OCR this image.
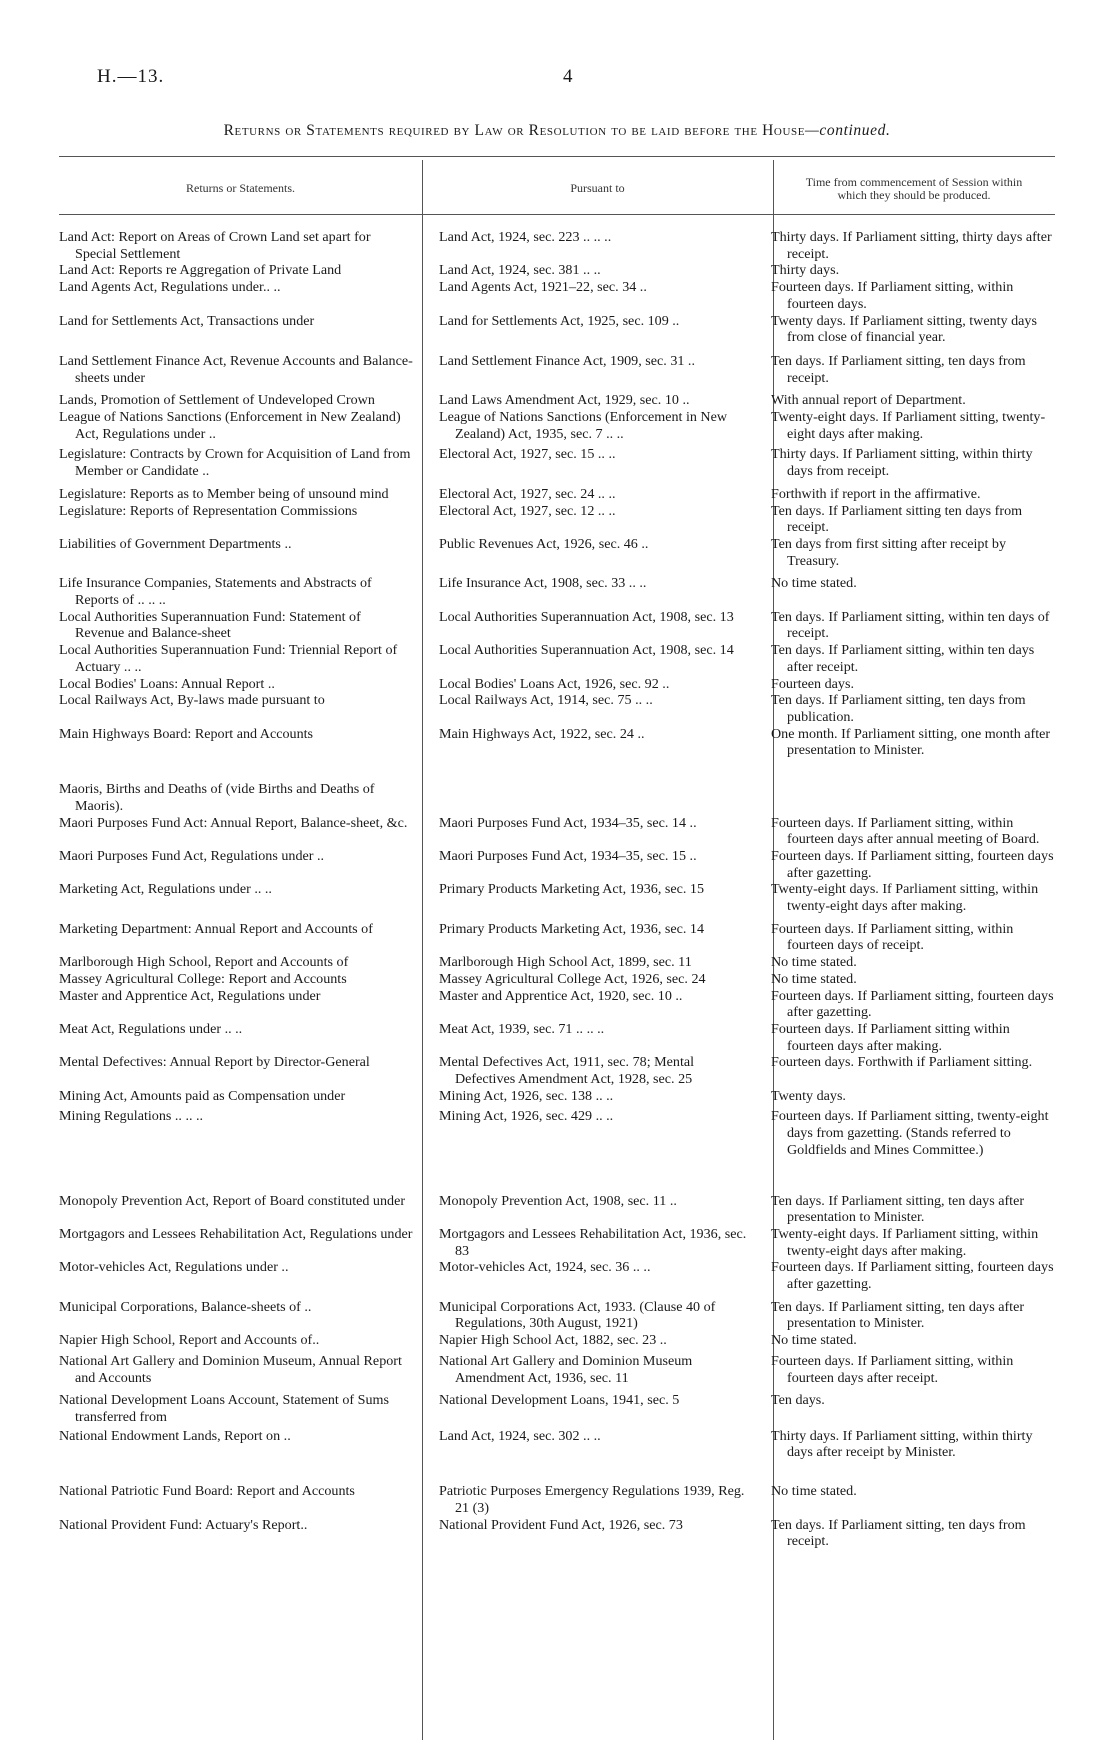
H.—13.	4
Returns or Statements required by Law or Resolution to be laid before the House—continued.
Returns or Statements.	Pursuant to	Time from commencement of Session within
which they should be produced.
Land Act: Report on Areas of Crown Land set apart for Special Settlement	Land Act, 1924, sec. 223 .. .. ..	Thirty days. If Parliament sitting, thirty days after receipt.

Land Act: Reports re Aggregation of Private Land	Land Act, 1924, sec. 381 .. ..	Thirty days.

Land Agents Act, Regulations under.. ..	Land Agents Act, 1921–22, sec. 34 ..	Fourteen days. If Parliament sitting, within fourteen days.

Land for Settlements Act, Transactions under	Land for Settlements Act, 1925, sec. 109 ..	Twenty days. If Parliament sitting, twenty days from close of financial year.

Land Settlement Finance Act, Revenue Accounts and Balance-sheets under	Land Settlement Finance Act, 1909, sec. 31 ..	Ten days. If Parliament sitting, ten days from receipt.

Lands, Promotion of Settlement of Undeveloped Crown	Land Laws Amendment Act, 1929, sec. 10 ..	With annual report of Department.

League of Nations Sanctions (Enforcement in New Zealand) Act, Regulations under ..	League of Nations Sanctions (Enforcement in New Zealand) Act, 1935, sec. 7 .. ..	Twenty-eight days. If Parliament sitting, twenty-eight days after making.

Legislature: Contracts by Crown for Acquisition of Land from Member or Candidate ..	Electoral Act, 1927, sec. 15 .. ..	Thirty days. If Parliament sitting, within thirty days from receipt.

Legislature: Reports as to Member being of unsound mind	Electoral Act, 1927, sec. 24 .. ..	Forthwith if report in the affirmative.

Legislature: Reports of Representation Commissions	Electoral Act, 1927, sec. 12 .. ..	Ten days. If Parliament sitting ten days from receipt.

Liabilities of Government Departments ..	Public Revenues Act, 1926, sec. 46 ..	Ten days from first sitting after receipt by Treasury.

Life Insurance Companies, Statements and Abstracts of Reports of .. .. ..	Life Insurance Act, 1908, sec. 33 .. ..	No time stated.

Local Authorities Superannuation Fund: Statement of Revenue and Balance-sheet	Local Authorities Superannuation Act, 1908, sec. 13	Ten days. If Parliament sitting, within ten days of receipt.

Local Authorities Superannuation Fund: Triennial Report of Actuary .. ..	Local Authorities Superannuation Act, 1908, sec. 14	Ten days. If Parliament sitting, within ten days after receipt.

Local Bodies' Loans: Annual Report ..	Local Bodies' Loans Act, 1926, sec. 92 ..	Fourteen days.

Local Railways Act, By-laws made pursuant to	Local Railways Act, 1914, sec. 75 .. ..	Ten days. If Parliament sitting, ten days from publication.

Main Highways Board: Report and Accounts	Main Highways Act, 1922, sec. 24 ..	One month. If Parliament sitting, one month after presentation to Minister.

Maoris, Births and Deaths of (vide Births and Deaths of Maoris).		

Maori Purposes Fund Act: Annual Report, Balance-sheet, &c.	Maori Purposes Fund Act, 1934–35, sec. 14 ..	Fourteen days. If Parliament sitting, within fourteen days after annual meeting of Board.

Maori Purposes Fund Act, Regulations under ..	Maori Purposes Fund Act, 1934–35, sec. 15 ..	Fourteen days. If Parliament sitting, fourteen days after gazetting.

Marketing Act, Regulations under .. ..	Primary Products Marketing Act, 1936, sec. 15	Twenty-eight days. If Parliament sitting, within twenty-eight days after making.

Marketing Department: Annual Report and Accounts of	Primary Products Marketing Act, 1936, sec. 14	Fourteen days. If Parliament sitting, within fourteen days of receipt.

Marlborough High School, Report and Accounts of	Marlborough High School Act, 1899, sec. 11	No time stated.

Massey Agricultural College: Report and Accounts	Massey Agricultural College Act, 1926, sec. 24	No time stated.

Master and Apprentice Act, Regulations under	Master and Apprentice Act, 1920, sec. 10 ..	Fourteen days. If Parliament sitting, fourteen days after gazetting.

Meat Act, Regulations under .. ..	Meat Act, 1939, sec. 71 .. .. ..	Fourteen days. If Parliament sitting within fourteen days after making.

Mental Defectives: Annual Report by Director-General	Mental Defectives Act, 1911, sec. 78; Mental Defectives Amendment Act, 1928, sec. 25	Fourteen days. Forthwith if Parliament sitting.

Mining Act, Amounts paid as Compensation under	Mining Act, 1926, sec. 138 .. ..	Twenty days.

Mining Regulations .. .. ..	Mining Act, 1926, sec. 429 .. ..	Fourteen days. If Parliament sitting, twenty-eight days from gazetting. (Stands referred to Goldfields and Mines Committee.)

Monopoly Prevention Act, Report of Board constituted under	Monopoly Prevention Act, 1908, sec. 11 ..	Ten days. If Parliament sitting, ten days after presentation to Minister.

Mortgagors and Lessees Rehabilitation Act, Regulations under	Mortgagors and Lessees Rehabilitation Act, 1936, sec. 83	Twenty-eight days. If Parliament sitting, within twenty-eight days after making.

Motor-vehicles Act, Regulations under ..	Motor-vehicles Act, 1924, sec. 36 .. ..	Fourteen days. If Parliament sitting, fourteen days after gazetting.

Municipal Corporations, Balance-sheets of ..	Municipal Corporations Act, 1933. (Clause 40 of Regulations, 30th August, 1921)	Ten days. If Parliament sitting, ten days after presentation to Minister.

Napier High School, Report and Accounts of..	Napier High School Act, 1882, sec. 23 ..	No time stated.

National Art Gallery and Dominion Museum, Annual Report and Accounts	National Art Gallery and Dominion Museum Amendment Act, 1936, sec. 11	Fourteen days. If Parliament sitting, within fourteen days after receipt.

National Development Loans Account, Statement of Sums transferred from	National Development Loans, 1941, sec. 5	Ten days.

National Endowment Lands, Report on ..	Land Act, 1924, sec. 302 .. ..	Thirty days. If Parliament sitting, within thirty days after receipt by Minister.

National Patriotic Fund Board: Report and Accounts	Patriotic Purposes Emergency Regulations 1939, Reg. 21 (3)	No time stated.

National Provident Fund: Actuary's Report..	National Provident Fund Act, 1926, sec. 73	Ten days. If Parliament sitting, ten days from receipt.
